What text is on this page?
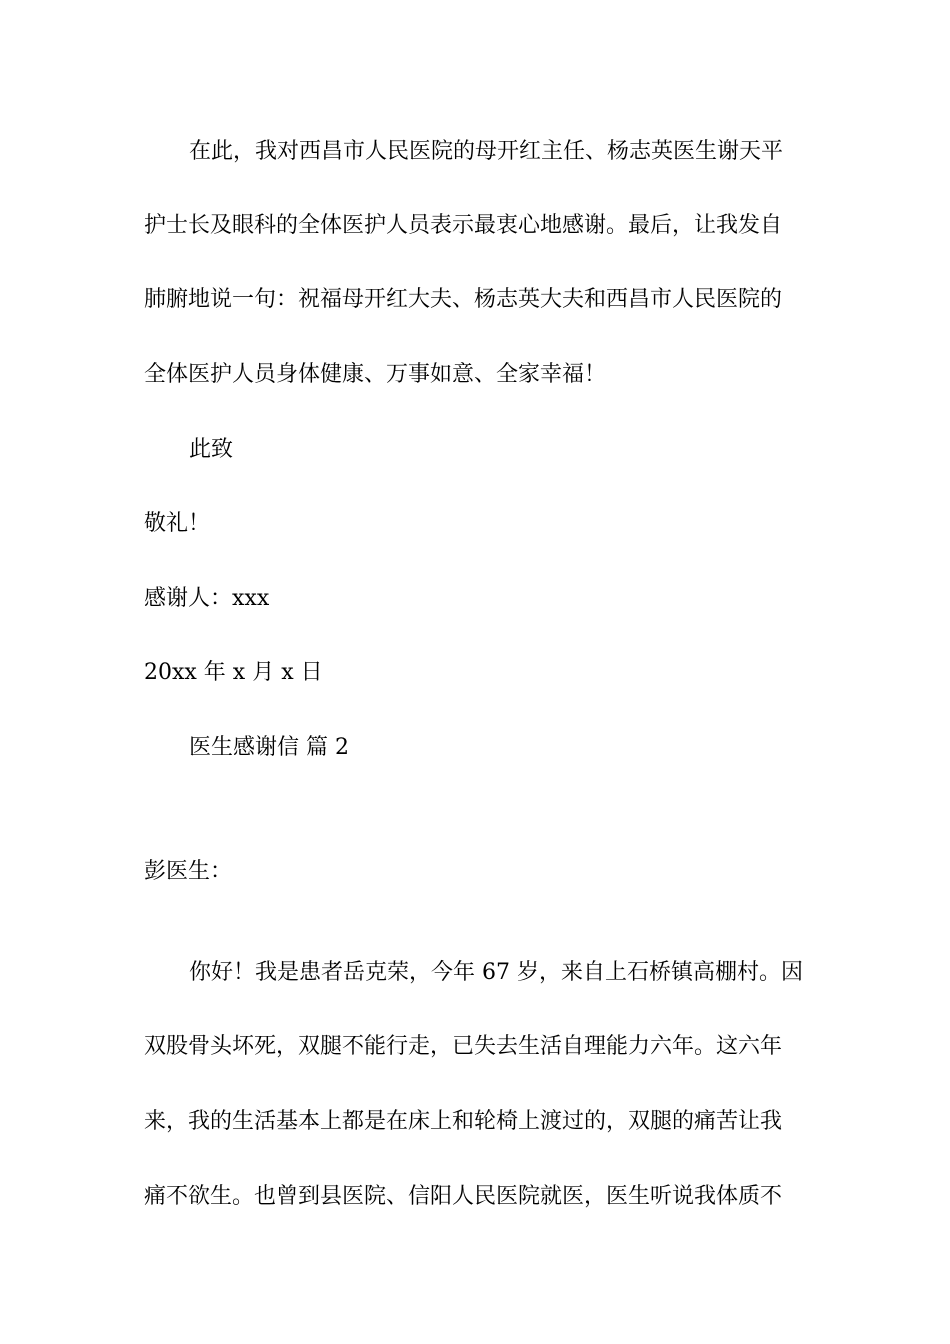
在此，我对西昌市人民医院的母开红主任、杨志英医生谢天平
护士长及眼科的全体医护人员表示最衷心地感谢。最后，让我发自
肺腑地说一句：祝福母开红大夫、杨志英大夫和西昌市人民医院的
全体医护人员身体健康、万事如意、全家幸福！
此致
敬礼！
感谢人：xxx
20xx 年 x 月 x 日
医生感谢信 篇 2
彭医生：
你好！我是患者岳克荣，今年 67 岁，来自上石桥镇高棚村。因
双股骨头坏死，双腿不能行走，已失去生活自理能力六年。这六年
来，我的生活基本上都是在床上和轮椅上渡过的，双腿的痛苦让我
痛不欲生。也曾到县医院、信阳人民医院就医，医生听说我体质不
